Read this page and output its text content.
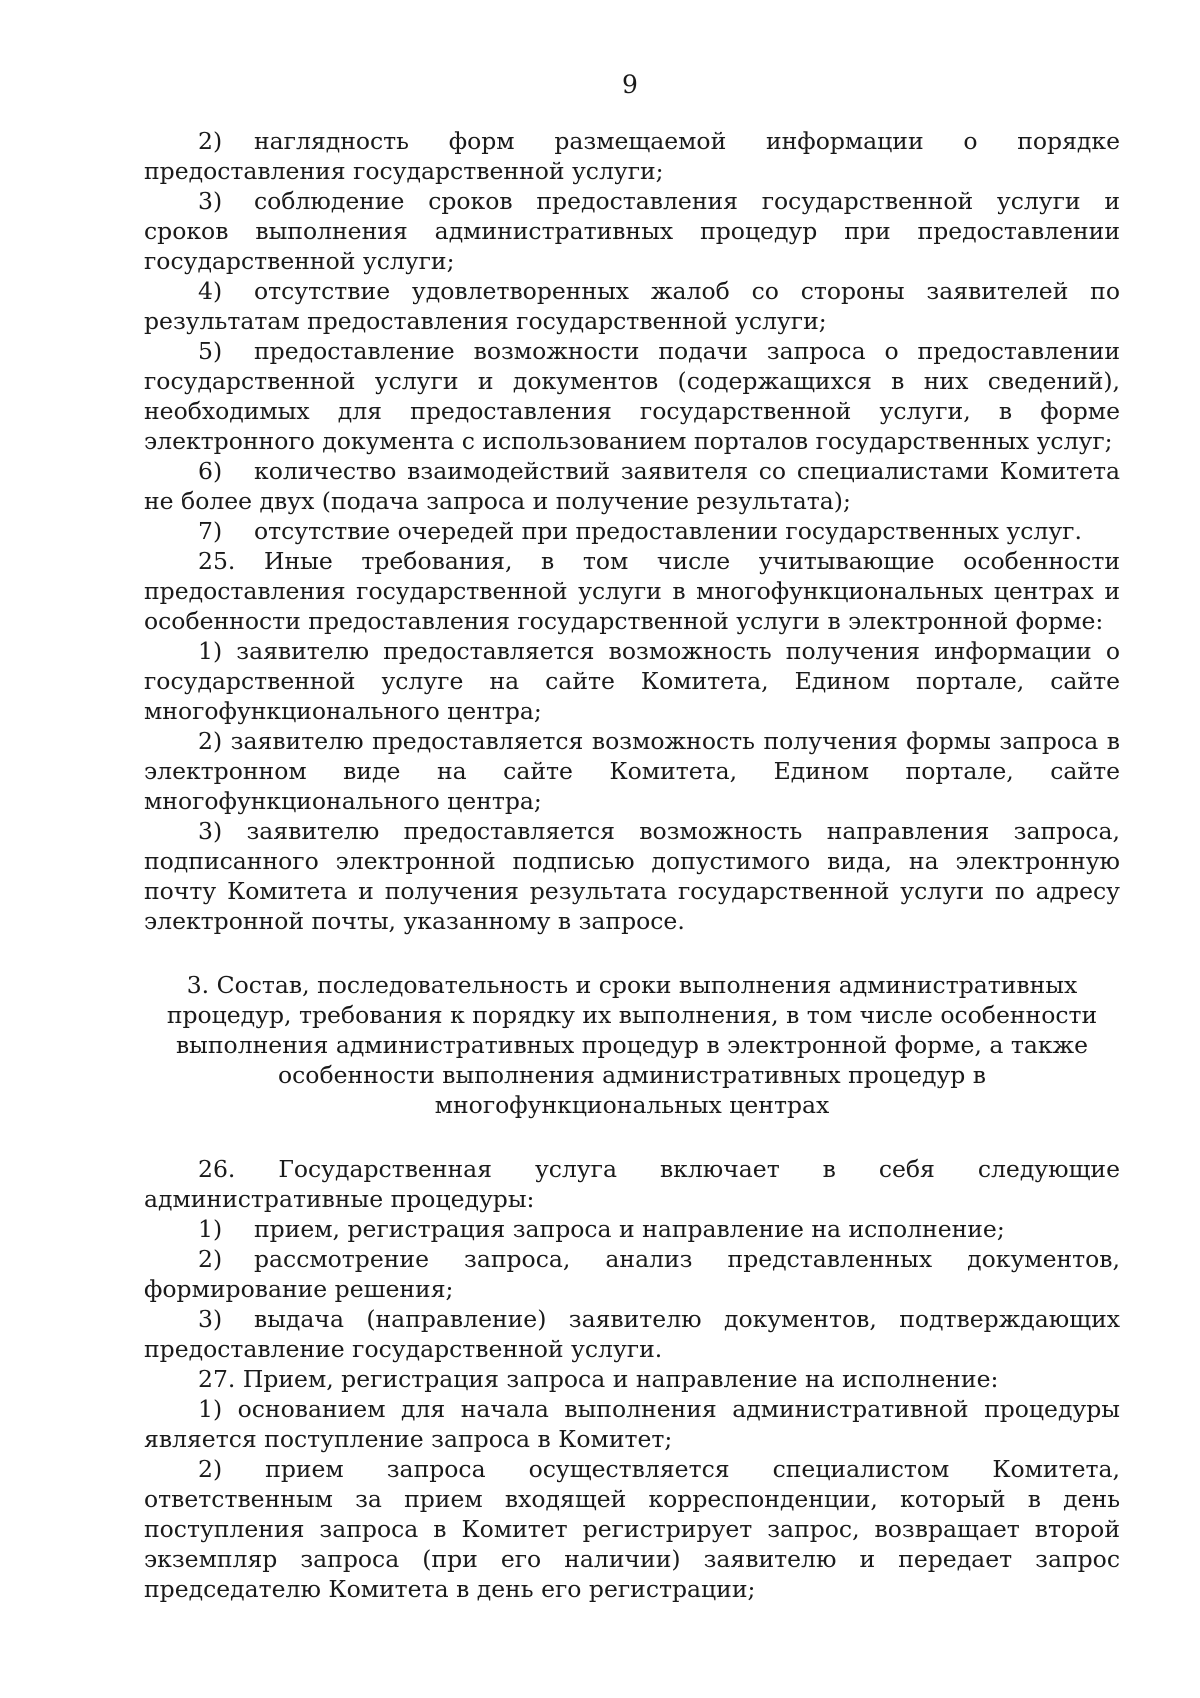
9

2) наглядность форм размещаемой информации о порядке предоставления государственной услуги;

3) соблюдение сроков предоставления государственной услуги и сроков выполнения административных процедур при предоставлении государственной услуги;

4) отсутствие удовлетворенных жалоб со стороны заявителей по результатам предоставления государственной услуги;

5) предоставление возможности подачи запроса о предоставлении государственной услуги и документов (содержащихся в них сведений), необходимых для предоставления государственной услуги, в форме электронного документа с использованием порталов государственных услуг;

6) количество взаимодействий заявителя со специалистами Комитета не более двух (подача запроса и получение результата);

7) отсутствие очередей при предоставлении государственных услуг.

25. Иные требования, в том числе учитывающие особенности предоставления государственной услуги в многофункциональных центрах и особенности предоставления государственной услуги в электронной форме:

1) заявителю предоставляется возможность получения информации о государственной услуге на сайте Комитета, Едином портале, сайте многофункционального центра;

2) заявителю предоставляется возможность получения формы запроса в электронном виде на сайте Комитета, Едином портале, сайте многофункционального центра;

3) заявителю предоставляется возможность направления запроса, подписанного электронной подписью допустимого вида, на электронную почту Комитета и получения результата государственной услуги по адресу электронной почты, указанному в запросе.

3. Состав, последовательность и сроки выполнения административных процедур, требования к порядку их выполнения, в том числе особенности выполнения административных процедур в электронной форме, а также особенности выполнения административных процедур в многофункциональных центрах

26. Государственная услуга включает в себя следующие административные процедуры:

1) прием, регистрация запроса и направление на исполнение;

2) рассмотрение запроса, анализ представленных документов, формирование решения;

3) выдача (направление) заявителю документов, подтверждающих предоставление государственной услуги.

27. Прием, регистрация запроса и направление на исполнение:

1) основанием для начала выполнения административной процедуры является поступление запроса в Комитет;

2) прием запроса осуществляется специалистом Комитета, ответственным за прием входящей корреспонденции, который в день поступления запроса в Комитет регистрирует запрос, возвращает второй экземпляр запроса (при его наличии) заявителю и передает запрос председателю Комитета в день его регистрации;
